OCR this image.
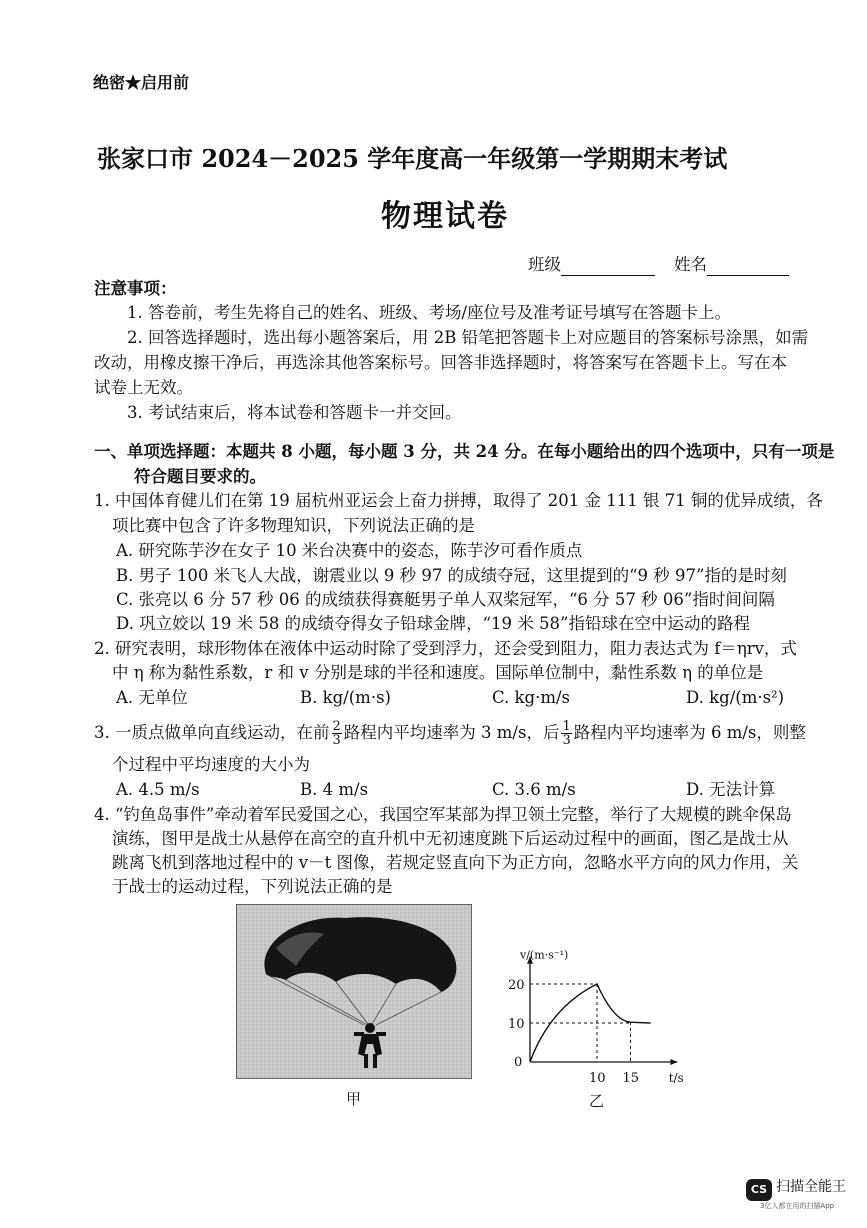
绝密★启用前
张家口市 2024－2025 学年度高一年级第一学期期末考试
物理试卷
班级	姓名
注意事项：
1. 答卷前，考生先将自己的姓名、班级、考场/座位号及准考证号填写在答题卡上。
2. 回答选择题时，选出每小题答案后，用 2B 铅笔把答题卡上对应题目的答案标号涂黑，如需
改动，用橡皮擦干净后，再选涂其他答案标号。回答非选择题时，将答案写在答题卡上。写在本
试卷上无效。
3. 考试结束后，将本试卷和答题卡一并交回。
一、单项选择题：本题共 8 小题，每小题 3 分，共 24 分。在每小题给出的四个选项中，只有一项是
符合题目要求的。
1. 中国体育健儿们在第 19 届杭州亚运会上奋力拼搏，取得了 201 金 111 银 71 铜的优异成绩，各
项比赛中包含了许多物理知识，下列说法正确的是
A. 研究陈芋汐在女子 10 米台决赛中的姿态，陈芋汐可看作质点
B. 男子 100 米飞人大战，谢震业以 9 秒 97 的成绩夺冠，这里提到的“9 秒 97”指的是时刻
C. 张亮以 6 分 57 秒 06 的成绩获得赛艇男子单人双桨冠军，“6 分 57 秒 06”指时间间隔
D. 巩立姣以 19 米 58 的成绩夺得女子铅球金牌，“19 米 58”指铅球在空中运动的路程
2. 研究表明，球形物体在液体中运动时除了受到浮力，还会受到阻力，阻力表达式为 f＝ηrv，式
中 η 称为黏性系数，r 和 v 分别是球的半径和速度。国际单位制中，黏性系数 η 的单位是
A. 无单位	B. kg/(m·s)	C. kg·m/s	D. kg/(m·s²)
3. 一质点做单向直线运动，在前 $\frac{2}{3}$ 路程内平均速率为 3 m/s，后 $\frac{1}{3}$ 路程内平均速率为 6 m/s，则整
个过程中平均速度的大小为
A. 4.5 m/s	B. 4 m/s	C. 3.6 m/s	D. 无法计算
4. “钓鱼岛事件”牵动着军民爱国之心，我国空军某部为捍卫领土完整，举行了大规模的跳伞保岛
演练，图甲是战士从悬停在高空的直升机中无初速度跳下后运动过程中的画面，图乙是战士从
跳离飞机到落地过程中的 v－t 图像，若规定竖直向下为正方向，忽略水平方向的风力作用，关
于战士的运动过程，下列说法正确的是
甲
v/(m·s⁻¹)
t/s
0
20
10
10 15
乙
CS 扫描全能王
3亿人都在用的扫描App
